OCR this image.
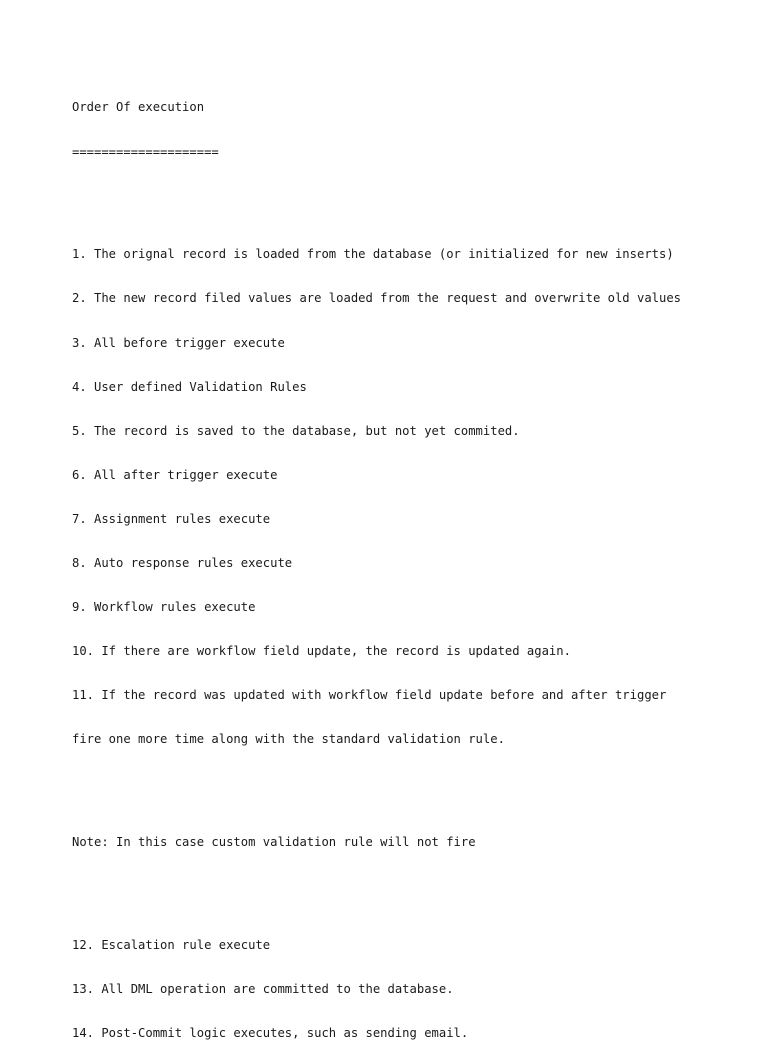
Order Of execution

====================

1. The orignal record is loaded from the database (or initialized for new inserts)

2. The new record filed values are loaded from the request and overwrite old values

3. All before trigger execute

4. User defined Validation Rules

5. The record is saved to the database, but not yet commited.

6. All after trigger execute

7. Assignment rules execute

8. Auto response rules execute

9. Workflow rules execute

10. If there are workflow field update, the record is updated again.

11. If the record was updated with workflow field update before and after trigger

fire one more time along with the standard validation rule.

Note: In this case custom validation rule will not fire

12. Escalation rule execute

13. All DML operation are committed to the database.

14. Post-Commit logic executes, such as sending email.
